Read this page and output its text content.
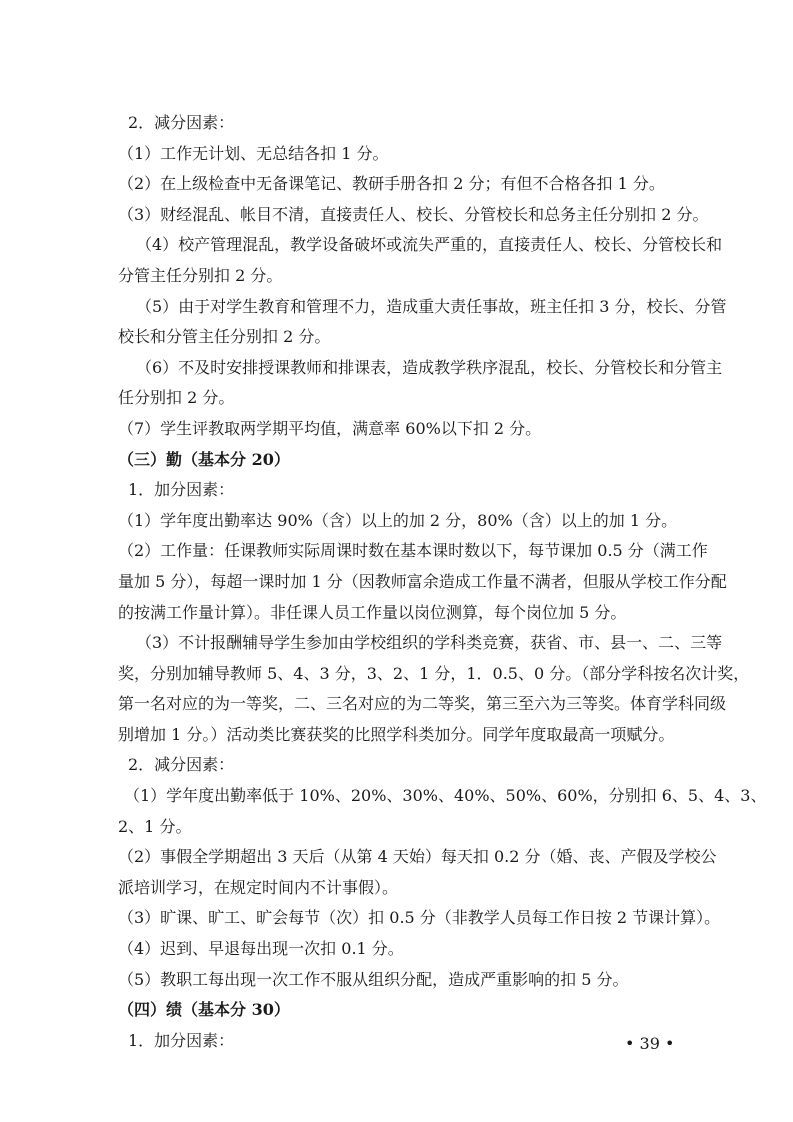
2．减分因素：
（1）工作无计划、无总结各扣 1 分。
（2）在上级检查中无备课笔记、教研手册各扣 2 分；有但不合格各扣 1 分。
（3）财经混乱、帐目不清，直接责任人、校长、分管校长和总务主任分别扣 2 分。
（4）校产管理混乱，教学设备破坏或流失严重的，直接责任人、校长、分管校长和
分管主任分别扣 2 分。
（5）由于对学生教育和管理不力，造成重大责任事故，班主任扣 3 分，校长、分管
校长和分管主任分别扣 2 分。
（6）不及时安排授课教师和排课表，造成教学秩序混乱，校长、分管校长和分管主
任分别扣 2 分。
（7）学生评教取两学期平均值，满意率 60%以下扣 2 分。
（三）勤（基本分 20）
1．加分因素：
（1）学年度出勤率达 90%（含）以上的加 2 分，80%（含）以上的加 1 分。
（2）工作量：任课教师实际周课时数在基本课时数以下，每节课加 0.5 分（满工作
量加 5 分），每超一课时加 1 分（因教师富余造成工作量不满者，但服从学校工作分配
的按满工作量计算）。非任课人员工作量以岗位测算，每个岗位加 5 分。
（3）不计报酬辅导学生参加由学校组织的学科类竞赛，获省、市、县一、二、三等
奖，分别加辅导教师 5、4、3 分，3、2、1 分，1．0.5、0 分。（部分学科按名次计奖，
第一名对应的为一等奖，二、三名对应的为二等奖，第三至六为三等奖。体育学科同级
别增加 1 分。）活动类比赛获奖的比照学科类加分。同学年度取最高一项赋分。
2．减分因素：
（1）学年度出勤率低于 10%、20%、30%、40%、50%、60%，分别扣 6、5、4、3、
2、1 分。
（2）事假全学期超出 3 天后（从第 4 天始）每天扣 0.2 分（婚、丧、产假及学校公
派培训学习，在规定时间内不计事假）。
（3）旷课、旷工、旷会每节（次）扣 0.5 分（非教学人员每工作日按 2 节课计算）。
（4）迟到、早退每出现一次扣 0.1 分。
（5）教职工每出现一次工作不服从组织分配，造成严重影响的扣 5 分。
（四）绩（基本分 30）
1．加分因素：	• 39 •
